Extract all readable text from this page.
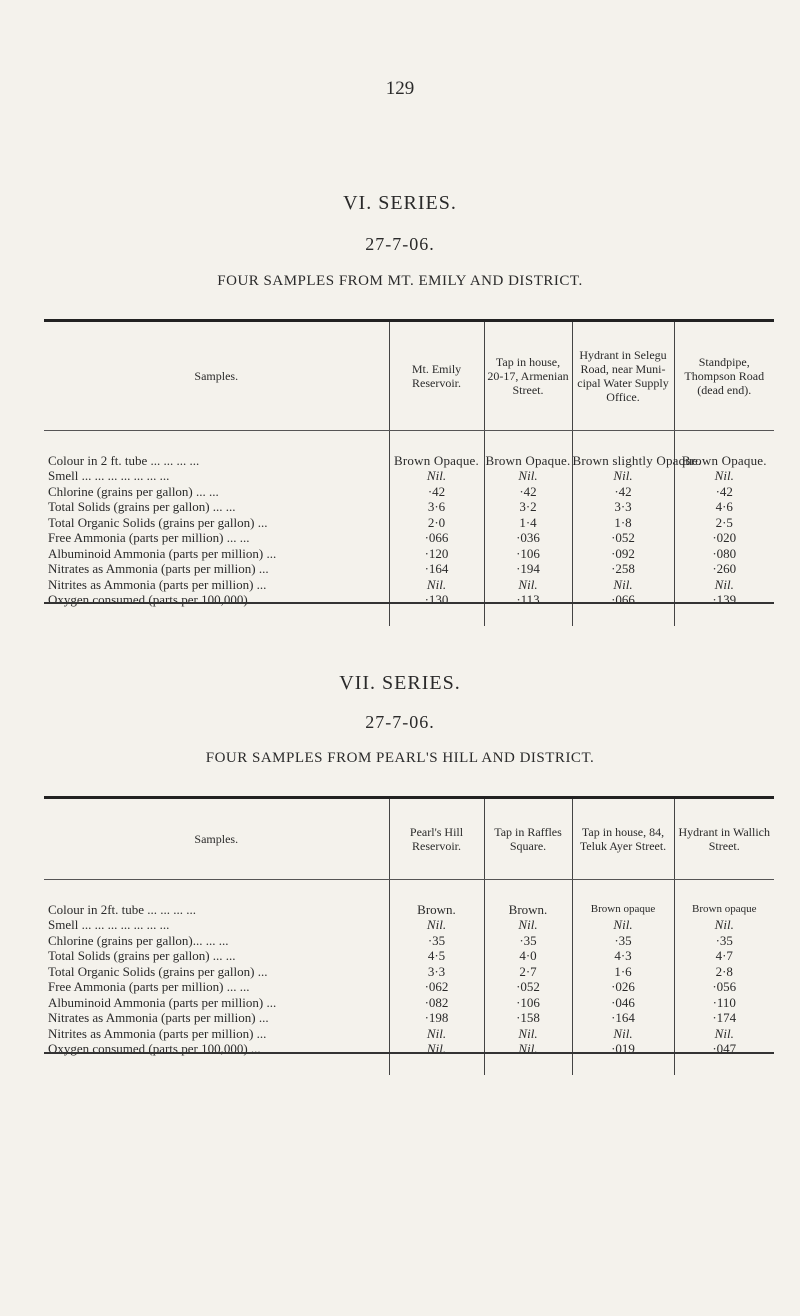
129
VI. SERIES.
27-7-06.
FOUR SAMPLES FROM MT. EMILY AND DISTRICT.
Samples.	Mt. Emily Reservoir.	Tap in house, 20-17, Armenian Street.	Hydrant in Selegu Road, near Muni-cipal Water Supply Office.	Standpipe, Thompson Road (dead end).

Colour in 2 ft. tube ... ... ... ...	Brown Opaque.	Brown Opaque.	Brown slightly Opaque.	Brown Opaque.
Smell ... ... ... ... ... ... ...	Nil.	Nil.	Nil.	Nil.
Chlorine (grains per gallon) ... ...	·42	·42	·42	·42
Total Solids (grains per gallon) ... ...	3·6	3·2	3·3	4·6
Total Organic Solids (grains per gallon) ...	2·0	1·4	1·8	2·5
Free Ammonia (parts per million) ... ...	·066	·036	·052	·020
Albuminoid Ammonia (parts per million) ...	·120	·106	·092	·080
Nitrates as Ammonia (parts per million) ...	·164	·194	·258	·260
Nitrites as Ammonia (parts per million) ...	Nil.	Nil.	Nil.	Nil.
Oxygen consumed (parts per 100,000) ...	·130	·113	·066	·139

VII. SERIES.
27-7-06.
FOUR SAMPLES FROM PEARL'S HILL AND DISTRICT.
Samples.	Pearl's Hill Reservoir.	Tap in Raffles Square.	Tap in house, 84, Teluk Ayer Street.	Hydrant in Wallich Street.

Colour in 2ft. tube ... ... ... ...	Brown.	Brown.	Brown opaque	Brown opaque
Smell ... ... ... ... ... ... ...	Nil.	Nil.	Nil.	Nil.
Chlorine (grains per gallon)... ... ...	·35	·35	·35	·35
Total Solids (grains per gallon) ... ...	4·5	4·0	4·3	4·7
Total Organic Solids (grains per gallon) ...	3·3	2·7	1·6	2·8
Free Ammonia (parts per million) ... ...	·062	·052	·026	·056
Albuminoid Ammonia (parts per million) ...	·082	·106	·046	·110
Nitrates as Ammonia (parts per million) ...	·198	·158	·164	·174
Nitrites as Ammonia (parts per million) ...	Nil.	Nil.	Nil.	Nil.
Oxygen consumed (parts per 100,000) ...	Nil.	Nil.	·019	·047
